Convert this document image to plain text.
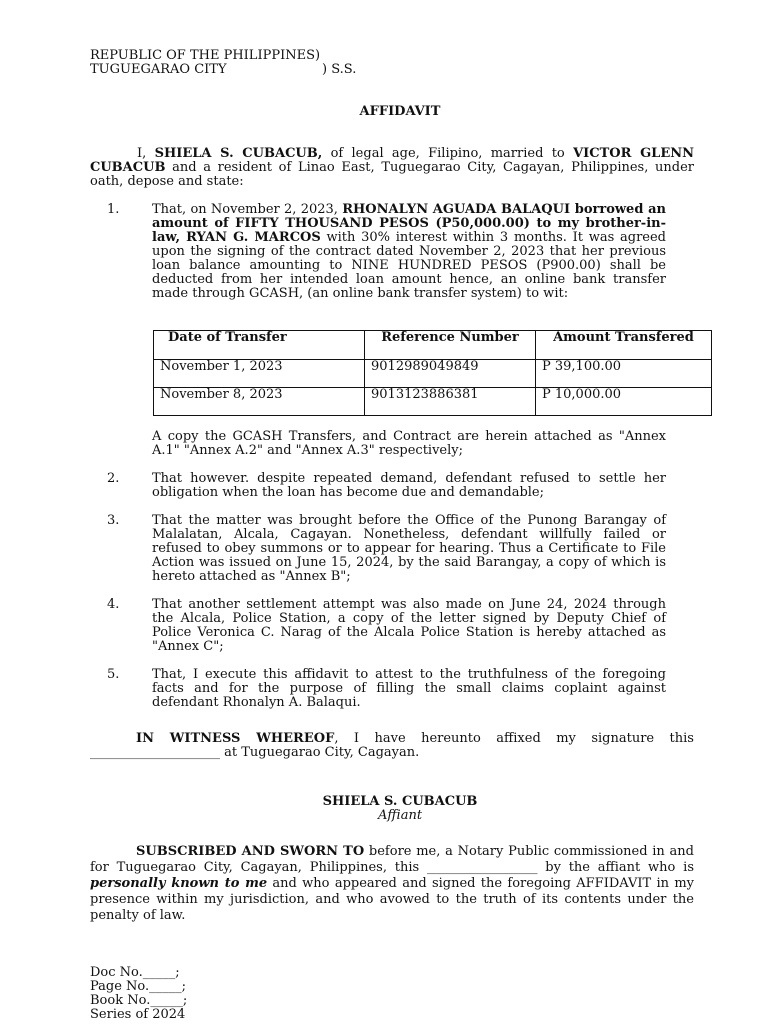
REPUBLIC OF THE PHILIPPINES)
TUGUEGARAO CITY	) S.S.
AFFIDAVIT
I, SHIELA S. CUBACUB, of legal age, Filipino, married to VICTOR GLENN CUBACUB and a resident of Linao East, Tuguegarao City, Cagayan, Philippines, under oath, depose and state:
1.	That, on November 2, 2023, RHONALYN AGUADA BALAQUI borrowed an amount of FIFTY THOUSAND PESOS (P50,000.00) to my brother-in-law, RYAN G. MARCOS with 30% interest within 3 months. It was agreed upon the signing of the contract dated November 2, 2023 that her previous loan balance amounting to NINE HUNDRED PESOS (P900.00) shall be deducted from her intended loan amount hence, an online bank transfer made through GCASH, (an online bank transfer system) to wit:
Date of Transfer	Reference Number	Amount Transfered
November 1, 2023	9012989049849	P 39,100.00
November 8, 2023	9013123886381	P 10,000.00
A copy the GCASH Transfers, and Contract are herein attached as "Annex A.1" "Annex A.2" and "Annex A.3" respectively;
2.	That however. despite repeated demand, defendant refused to settle her obligation when the loan has become due and demandable;
3.	That the matter was brought before the Office of the Punong Barangay of Malalatan, Alcala, Cagayan. Nonetheless, defendant willfully failed or refused to obey summons or to appear for hearing. Thus a Certificate to File Action was issued on June 15, 2024, by the said Barangay, a copy of which is hereto attached as "Annex B";
4.	That another settlement attempt was also made on June 24, 2024 through the Alcala, Police Station, a copy of the letter signed by Deputy Chief of Police Veronica C. Narag of the Alcala Police Station is hereby attached as "Annex C";
5.	That, I execute this affidavit to attest to the truthfulness of the foregoing facts and for the purpose of filling the small claims coplaint against defendant Rhonalyn A. Balaqui.
IN WITNESS WHEREOF, I have hereunto affixed my signature this
____________________ at Tuguegarao City, Cagayan.
SHIELA S. CUBACUB
Affiant
SUBSCRIBED AND SWORN TO before me, a Notary Public commissioned in and for Tuguegarao City, Cagayan, Philippines, this _________________ by the affiant who is personally known to me and who appeared and signed the foregoing AFFIDAVIT in my presence within my jurisdiction, and who avowed to the truth of its contents under the penalty of law.
Doc No._____;
Page No._____;
Book No._____;
Series of 2024
